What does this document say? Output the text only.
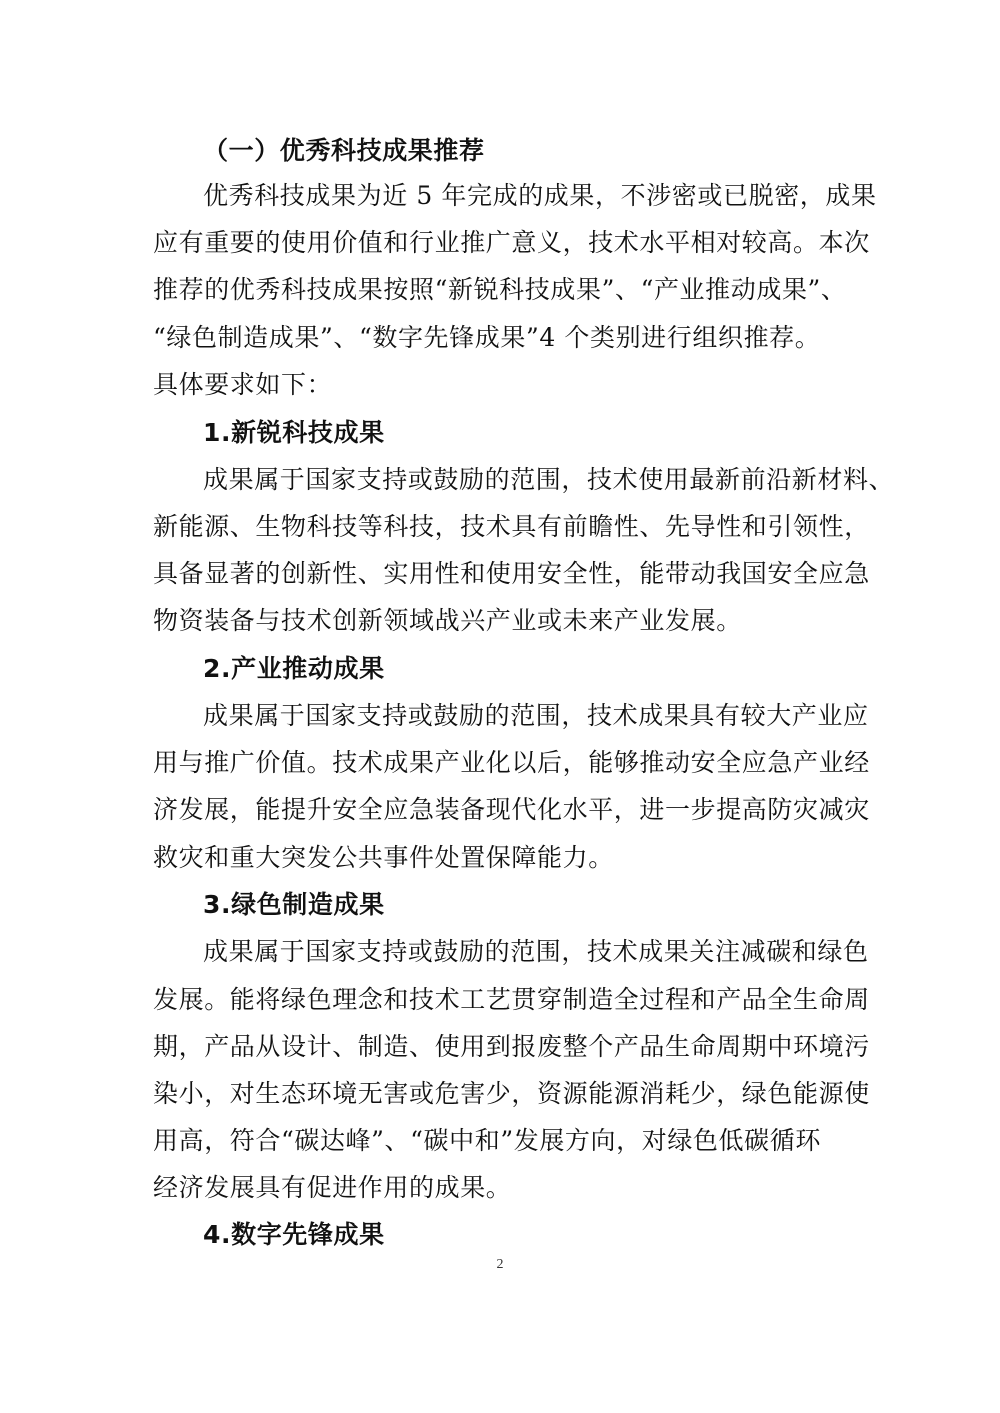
（一）优秀科技成果推荐
优秀科技成果为近 5 年完成的成果，不涉密或已脱密，成果
应有重要的使用价值和行业推广意义，技术水平相对较高。本次
推荐的优秀科技成果按照“新锐科技成果”、“产业推动成果”、
“绿色制造成果”、“数字先锋成果”4 个类别进行组织推荐。
具体要求如下：
1.新锐科技成果
成果属于国家支持或鼓励的范围，技术使用最新前沿新材料、
新能源、生物科技等科技，技术具有前瞻性、先导性和引领性，
具备显著的创新性、实用性和使用安全性，能带动我国安全应急
物资装备与技术创新领域战兴产业或未来产业发展。
2.产业推动成果
成果属于国家支持或鼓励的范围，技术成果具有较大产业应
用与推广价值。技术成果产业化以后，能够推动安全应急产业经
济发展，能提升安全应急装备现代化水平，进一步提高防灾减灾
救灾和重大突发公共事件处置保障能力。
3.绿色制造成果
成果属于国家支持或鼓励的范围，技术成果关注减碳和绿色
发展。能将绿色理念和技术工艺贯穿制造全过程和产品全生命周
期，产品从设计、制造、使用到报废整个产品生命周期中环境污
染小，对生态环境无害或危害少，资源能源消耗少，绿色能源使
用高，符合“碳达峰”、“碳中和”发展方向，对绿色低碳循环
经济发展具有促进作用的成果。
4.数字先锋成果
2
